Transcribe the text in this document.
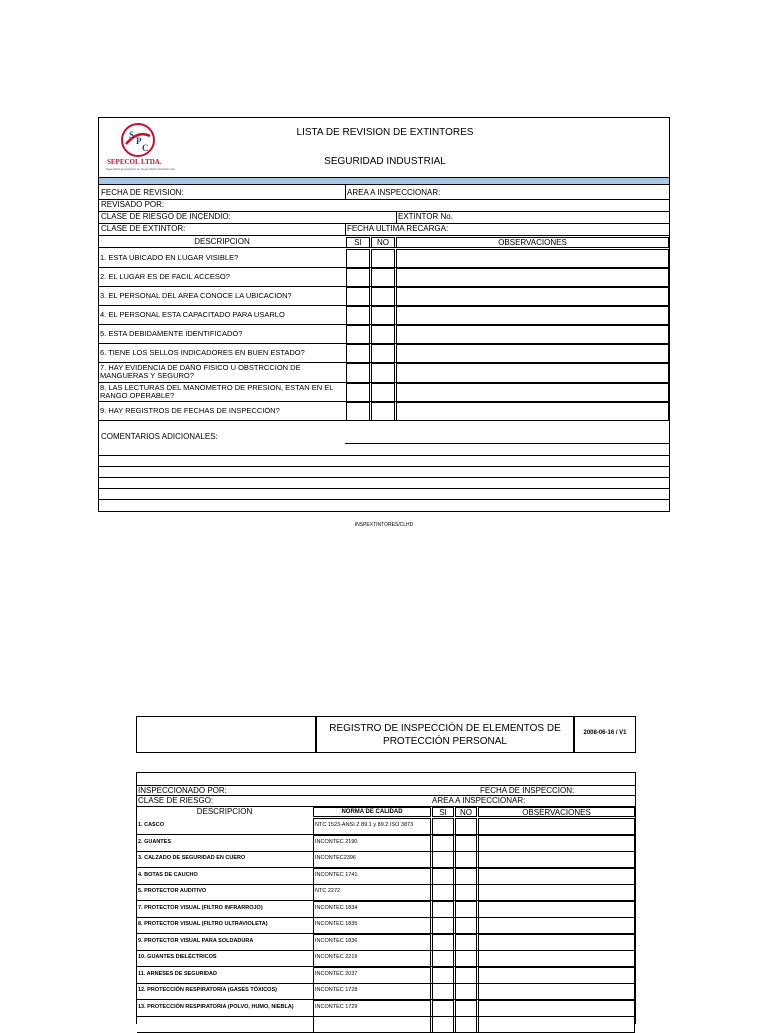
S
P
C
SEPECOL LTDA.
Seguridad al participar en Seguridad Industrial Ltda.
LISTA DE REVISION DE EXTINTORES
SEGURIDAD INDUSTRIAL
FECHA DE REVISION:	AREA A INSPECCIONAR:
REVISADO POR:
CLASE DE RIESGO DE INCENDIO:	EXTINTOR No.
CLASE DE EXTINTOR:	FECHA ULTIMA RECARGA:
DESCRIPCION	SI	NO	OBSERVACIONES
1. ESTA UBICADO EN LUGAR VISIBLE?
2. EL LUGAR ES DE FACIL ACCESO?
3. EL PERSONAL DEL AREA CONOCE LA UBICACION?
4. EL PERSONAL ESTA CAPACITADO PARA USARLO
5. ESTA DEBIDAMENTE IDENTIFICADO?
6. TIENE LOS SELLOS INDICADORES EN BUEN ESTADO?
7. HAY EVIDENCIA DE DAÑO FISICO U OBSTRCCION DE MANGUERAS Y SEGURO?
8. LAS LECTURAS DEL MANOMETRO DE PRESION, ESTAN EN EL RANGO OPERABLE?
9. HAY REGISTROS DE FECHAS DE INSPECCIÓN?
COMENTARIOS ADICIONALES:
INSPEXTINTORES/CLHD
REGISTRO DE INSPECCIÓN DE ELEMENTOS DE PROTECCIÓN PERSONAL
2008-06-16 / V1
INSPECCIONADO POR:	FECHA DE INSPECCION:
CLASE DE RIESGO:	AREA A INSPECCIONAR:
DESCRIPCION	NORMA DE CALIDAD	SI	NO	OBSERVACIONES
1. CASCO	NTC 1523-ANSI Z 89.1 y 89.2 ISO 3873
2. GUANTES	INCONTEC 2190
3. CALZADO DE SEGURIDAD EN CUERO	INCONTEC2396
4. BOTAS DE CAUCHO	INCONTEC 1741
5. PROTECTOR AUDITIVO	NTC 2272
7. PROTECTOR VISUAL (FILTRO INFRARROJO)	INCONTEC 1834
8. PROTECTOR VISUAL (FILTRO ULTRAVIOLETA)	INCONTEC 1835
9. PROTECTOR VISUAL PARA SOLDADURA	INCONTEC 1836
10. GUANTES DIELÉCTRICOS	INCONTEC 2219
11. ARNESES DE SEGURIDAD	INCONTEC 2037
12. PROTECCIÓN RESPIRATORIA (GASES TÓXICOS)	INCONTEC 1728
13. PROTECCIÓN RESPIRATORIA (POLVO, HUMO, NIEBLA)	INCONTEC 1729
